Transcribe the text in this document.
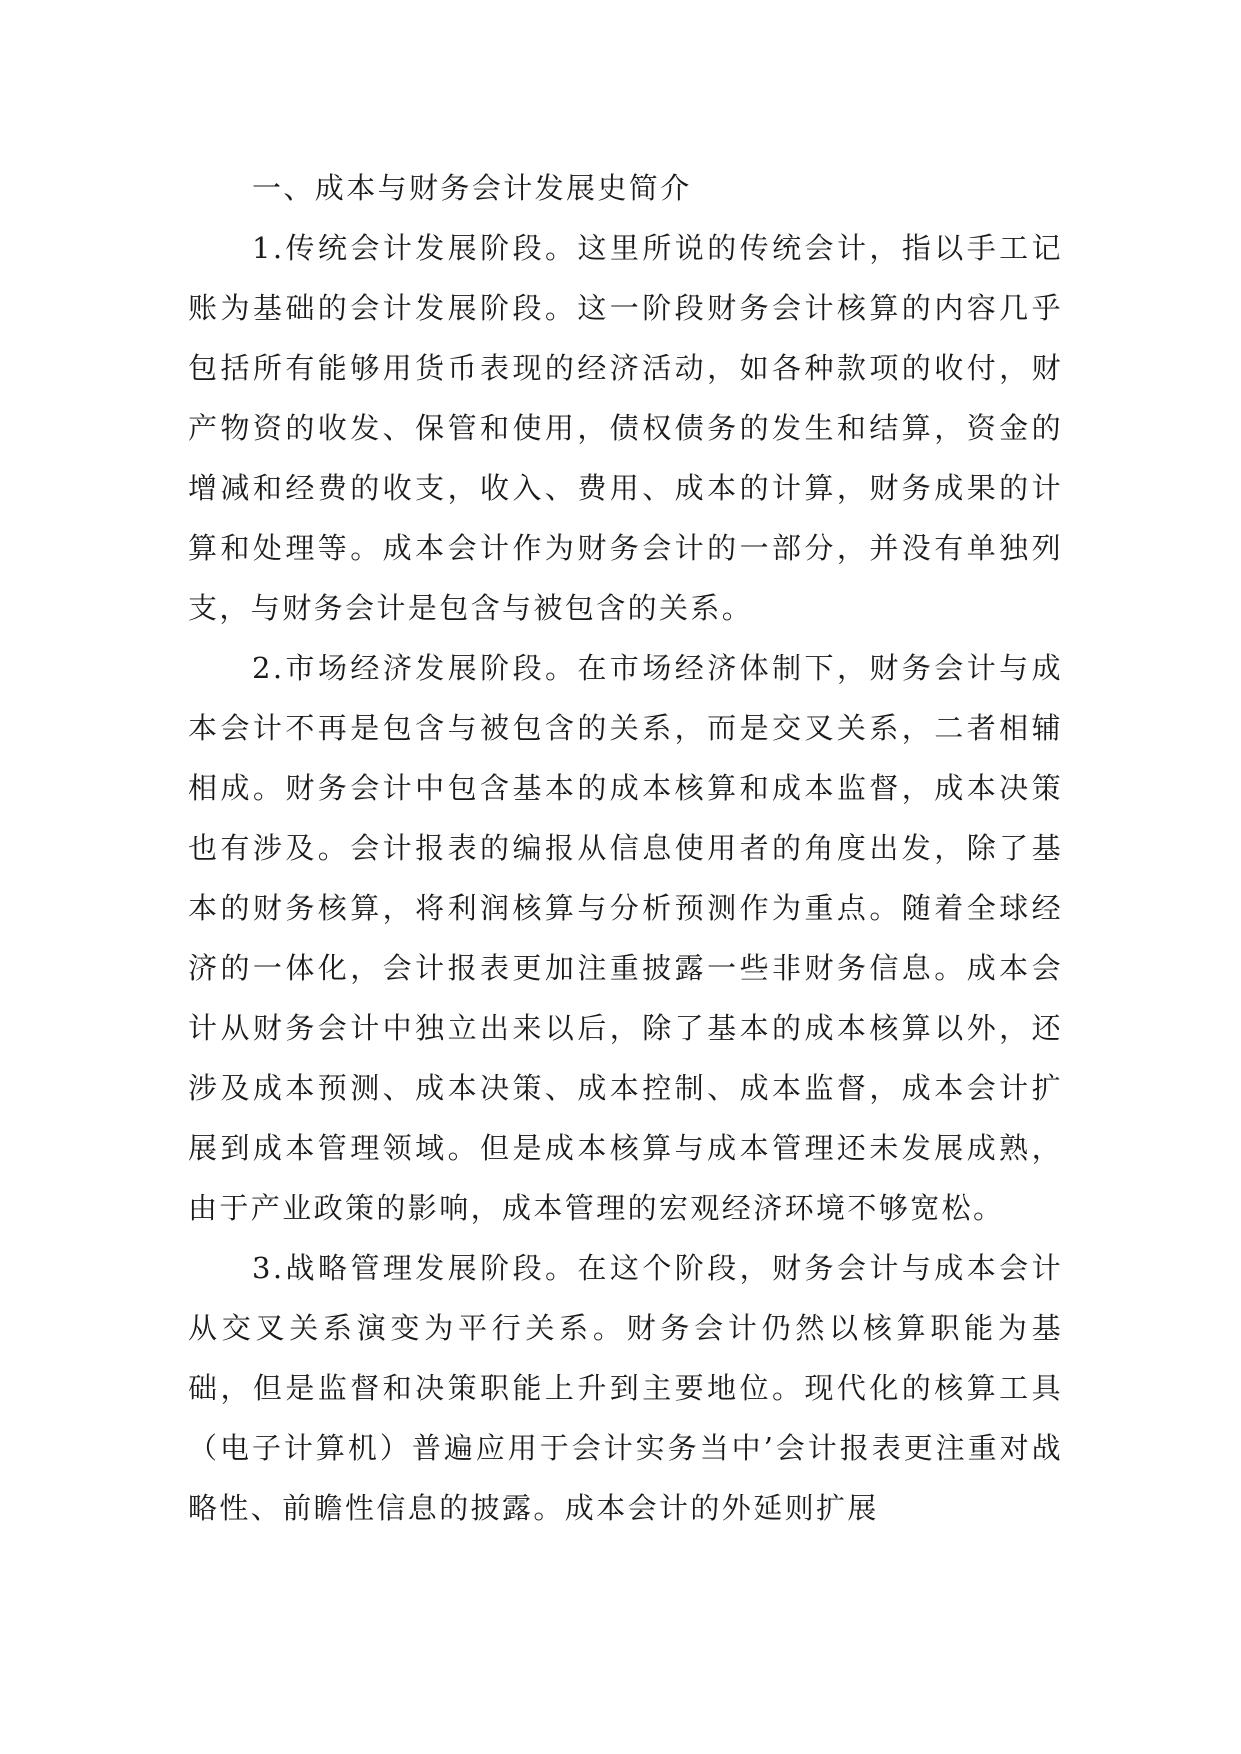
一、成本与财务会计发展史简介

1.传统会计发展阶段。这里所说的传统会计，指以手工记账为基础的会计发展阶段。这一阶段财务会计核算的内容几乎包括所有能够用货币表现的经济活动，如各种款项的收付，财产物资的收发、保管和使用，债权债务的发生和结算，资金的增减和经费的收支，收入、费用、成本的计算，财务成果的计算和处理等。成本会计作为财务会计的一部分，并没有单独列支，与财务会计是包含与被包含的关系。

2.市场经济发展阶段。在市场经济体制下，财务会计与成本会计不再是包含与被包含的关系，而是交叉关系，二者相辅相成。财务会计中包含基本的成本核算和成本监督，成本决策也有涉及。会计报表的编报从信息使用者的角度出发，除了基本的财务核算，将利润核算与分析预测作为重点。随着全球经济的一体化，会计报表更加注重披露一些非财务信息。成本会计从财务会计中独立出来以后，除了基本的成本核算以外，还涉及成本预测、成本决策、成本控制、成本监督，成本会计扩展到成本管理领域。但是成本核算与成本管理还未发展成熟，由于产业政策的影响，成本管理的宏观经济环境不够宽松。

3.战略管理发展阶段。在这个阶段，财务会计与成本会计从交叉关系演变为平行关系。财务会计仍然以核算职能为基础，但是监督和决策职能上升到主要地位。现代化的核算工具（电子计算机）普遍应用于会计实务当中’会计报表更注重对战略性、前瞻性信息的披露。成本会计的外延则扩展
